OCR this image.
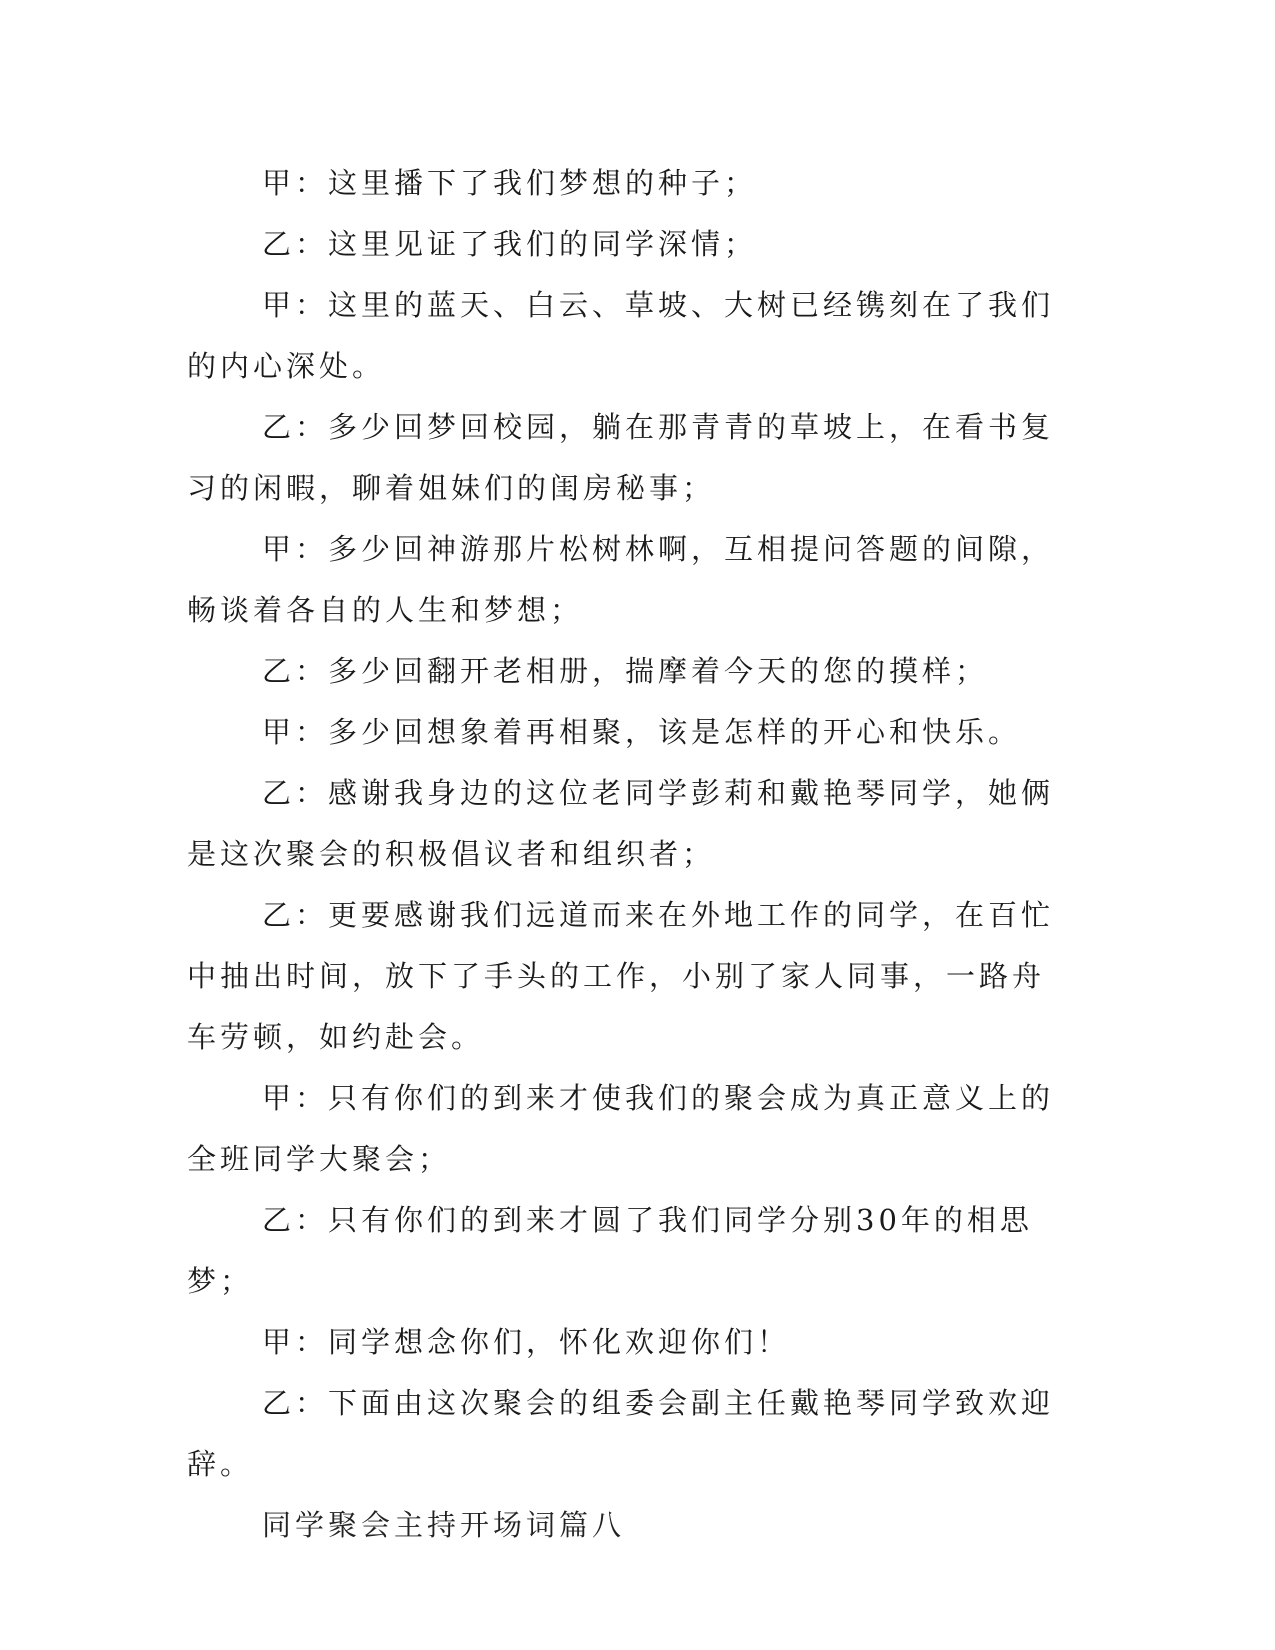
甲：这里播下了我们梦想的种子；

乙：这里见证了我们的同学深情；

甲：这里的蓝天、白云、草坡、大树已经镌刻在了我们的内心深处。

乙：多少回梦回校园，躺在那青青的草坡上，在看书复习的闲暇，聊着姐妹们的闺房秘事；

甲：多少回神游那片松树林啊，互相提问答题的间隙，畅谈着各自的人生和梦想；

乙：多少回翻开老相册，揣摩着今天的您的摸样；

甲：多少回想象着再相聚，该是怎样的开心和快乐。

乙：感谢我身边的这位老同学彭莉和戴艳琴同学，她俩是这次聚会的积极倡议者和组织者；

乙：更要感谢我们远道而来在外地工作的同学，在百忙中抽出时间，放下了手头的工作，小别了家人同事，一路舟车劳顿，如约赴会。

甲：只有你们的到来才使我们的聚会成为真正意义上的全班同学大聚会；

乙：只有你们的到来才圆了我们同学分别30年的相思梦；

甲：同学想念你们，怀化欢迎你们！

乙：下面由这次聚会的组委会副主任戴艳琴同学致欢迎辞。

同学聚会主持开场词篇八
